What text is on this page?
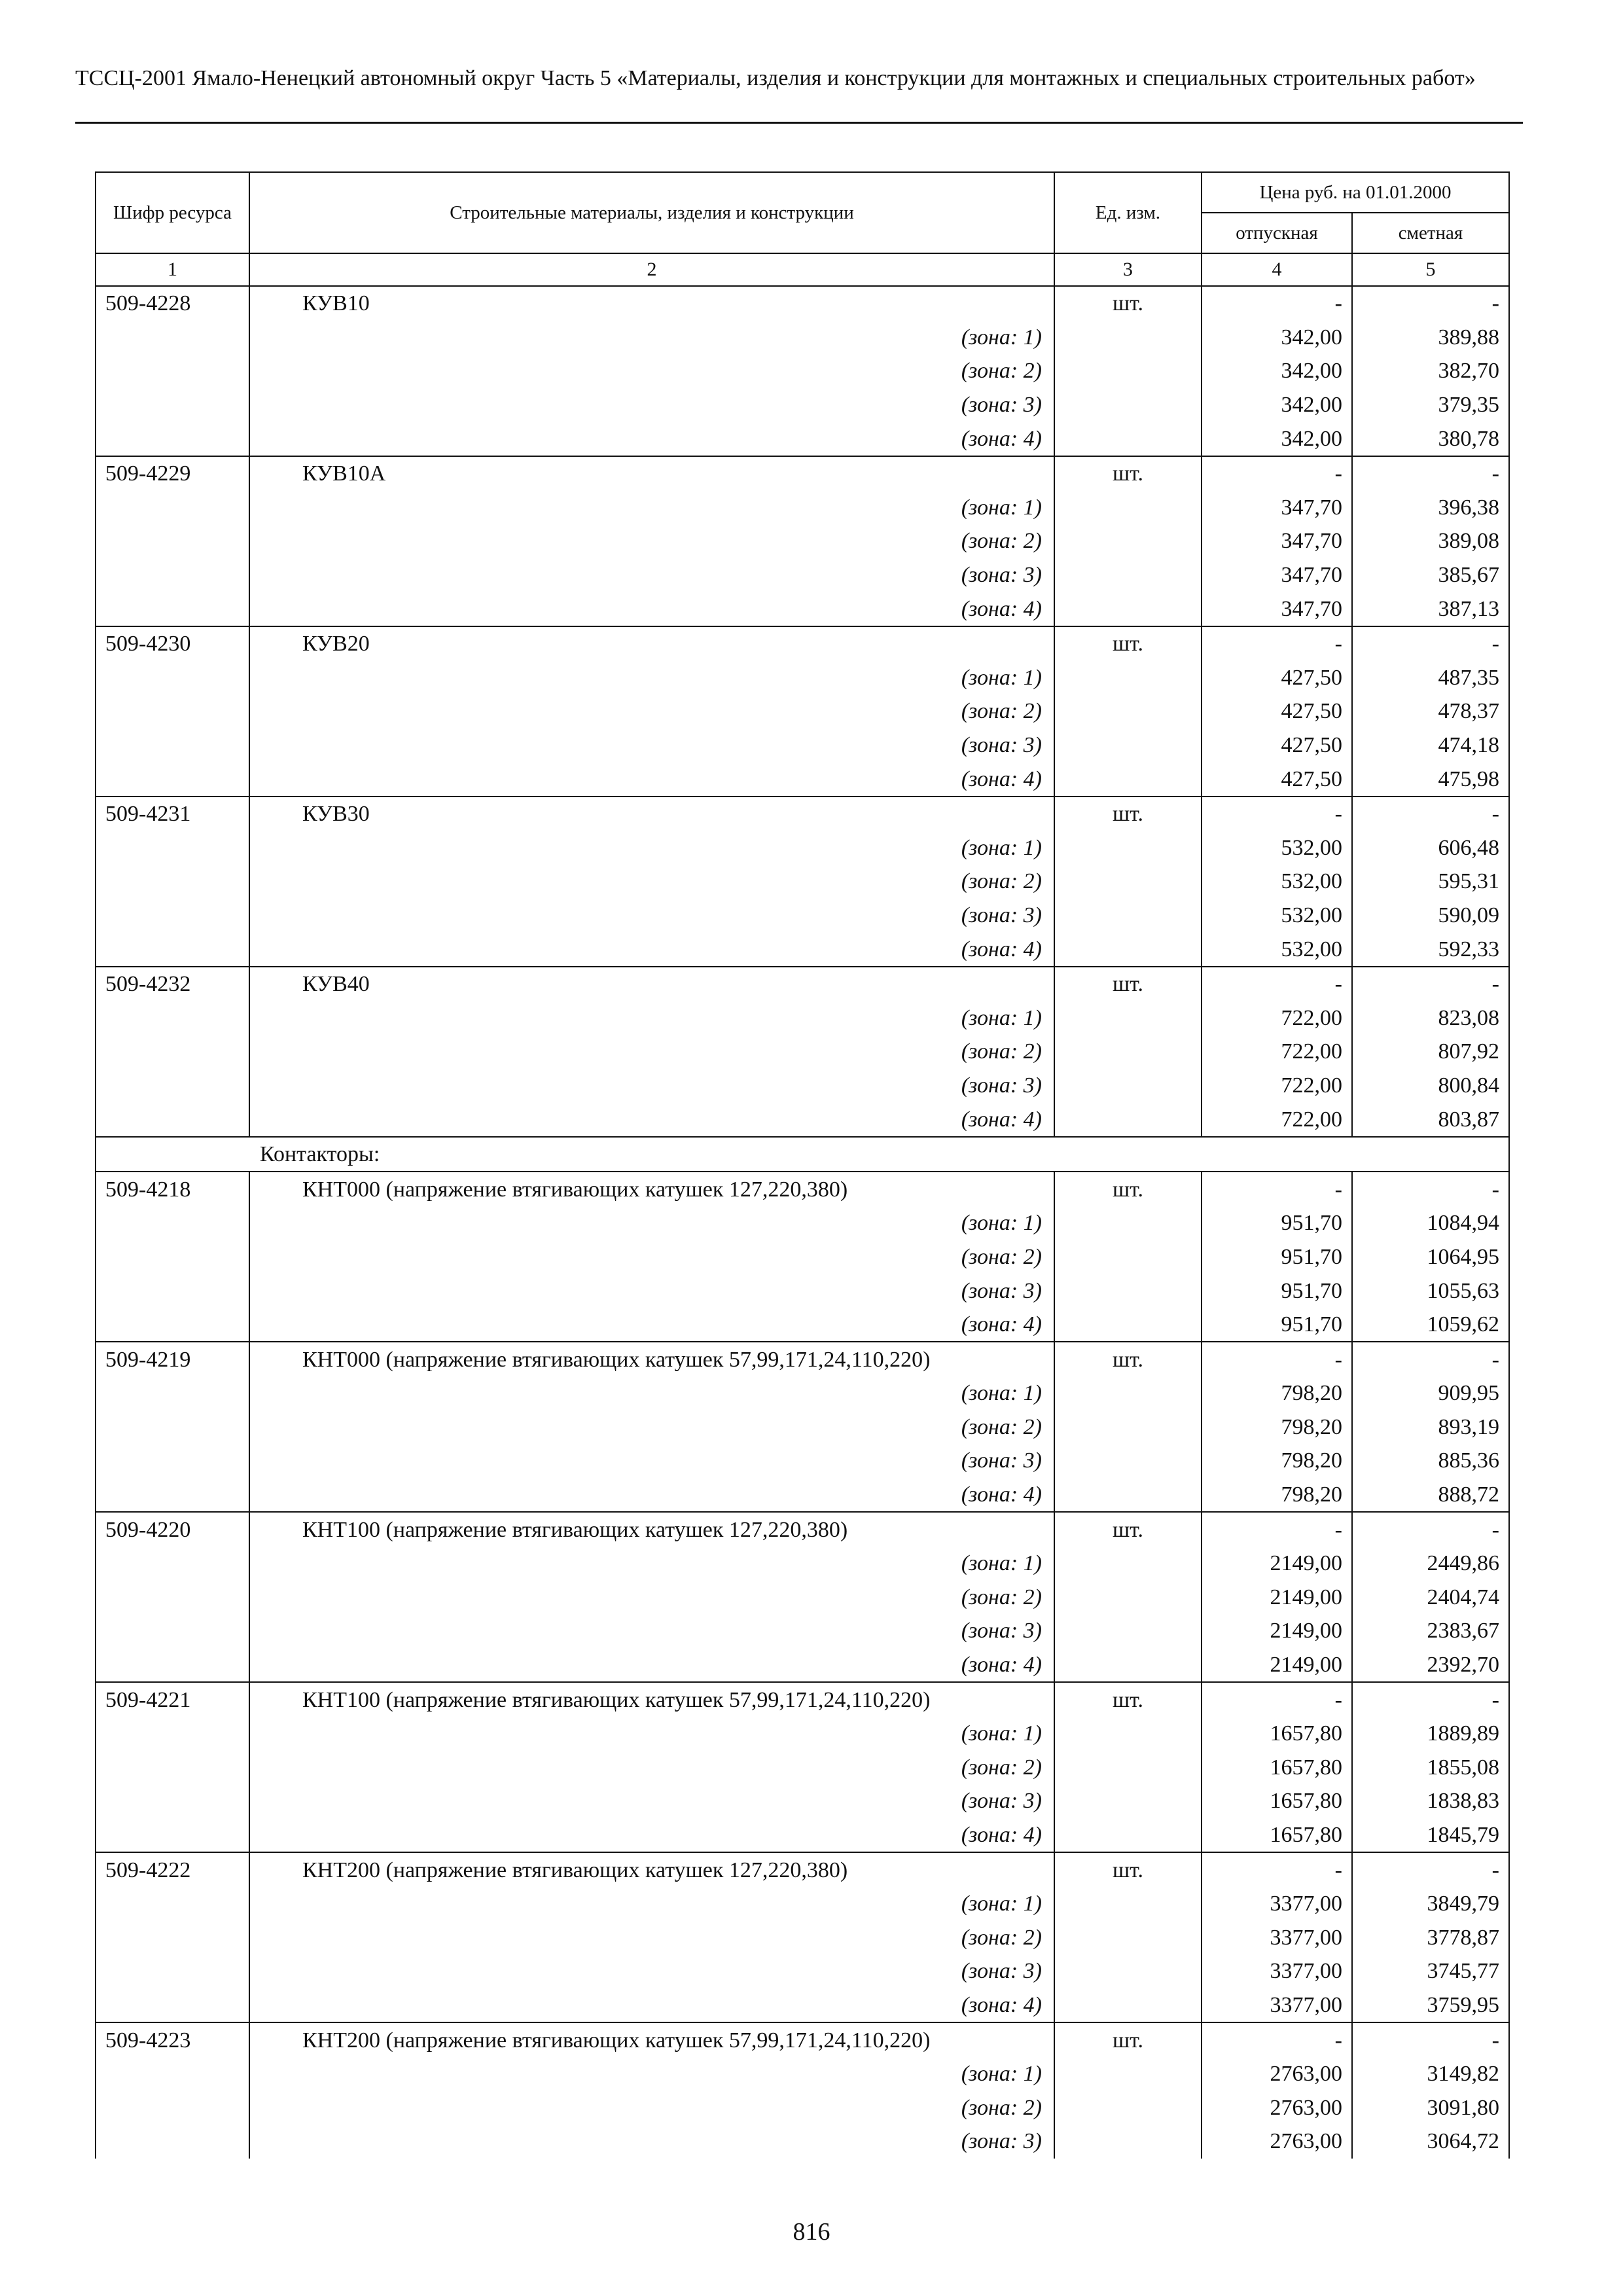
ТССЦ-2001 Ямало-Ненецкий автономный округ Часть 5 «Материалы, изделия и конструкции для монтажных и специальных строительных работ»
Шифр ресурса	Строительные материалы, изделия и конструкции	Ед. изм.	Цена руб. на 01.01.2000	
			отпускная	сметная
1	2	3	4	5
509-4228	КУВ10	шт.	-	-
	(зона: 1)		342,00	389,88
	(зона: 2)		342,00	382,70
	(зона: 3)		342,00	379,35
	(зона: 4)		342,00	380,78
509-4229	КУВ10А	шт.	-	-
	(зона: 1)		347,70	396,38
	(зона: 2)		347,70	389,08
	(зона: 3)		347,70	385,67
	(зона: 4)		347,70	387,13
509-4230	КУВ20	шт.	-	-
	(зона: 1)		427,50	487,35
	(зона: 2)		427,50	478,37
	(зона: 3)		427,50	474,18
	(зона: 4)		427,50	475,98
509-4231	КУВ30	шт.	-	-
	(зона: 1)		532,00	606,48
	(зона: 2)		532,00	595,31
	(зона: 3)		532,00	590,09
	(зона: 4)		532,00	592,33
509-4232	КУВ40	шт.	-	-
	(зона: 1)		722,00	823,08
	(зона: 2)		722,00	807,92
	(зона: 3)		722,00	800,84
	(зона: 4)		722,00	803,87
Контакторы:				
509-4218	КНТ000 (напряжение втягивающих катушек 127,220,380)	шт.	-	-
	(зона: 1)		951,70	1084,94
	(зона: 2)		951,70	1064,95
	(зона: 3)		951,70	1055,63
	(зона: 4)		951,70	1059,62
509-4219	КНТ000 (напряжение втягивающих катушек 57,99,171,24,110,220)	шт.	-	-
	(зона: 1)		798,20	909,95
	(зона: 2)		798,20	893,19
	(зона: 3)		798,20	885,36
	(зона: 4)		798,20	888,72
509-4220	КНТ100 (напряжение втягивающих катушек 127,220,380)	шт.	-	-
	(зона: 1)		2149,00	2449,86
	(зона: 2)		2149,00	2404,74
	(зона: 3)		2149,00	2383,67
	(зона: 4)		2149,00	2392,70
509-4221	КНТ100 (напряжение втягивающих катушек 57,99,171,24,110,220)	шт.	-	-
	(зона: 1)		1657,80	1889,89
	(зона: 2)		1657,80	1855,08
	(зона: 3)		1657,80	1838,83
	(зона: 4)		1657,80	1845,79
509-4222	КНТ200 (напряжение втягивающих катушек 127,220,380)	шт.	-	-
	(зона: 1)		3377,00	3849,79
	(зона: 2)		3377,00	3778,87
	(зона: 3)		3377,00	3745,77
	(зона: 4)		3377,00	3759,95
509-4223	КНТ200 (напряжение втягивающих катушек 57,99,171,24,110,220)	шт.	-	-
	(зона: 1)		2763,00	3149,82
	(зона: 2)		2763,00	3091,80
	(зона: 3)		2763,00	3064,72
816
